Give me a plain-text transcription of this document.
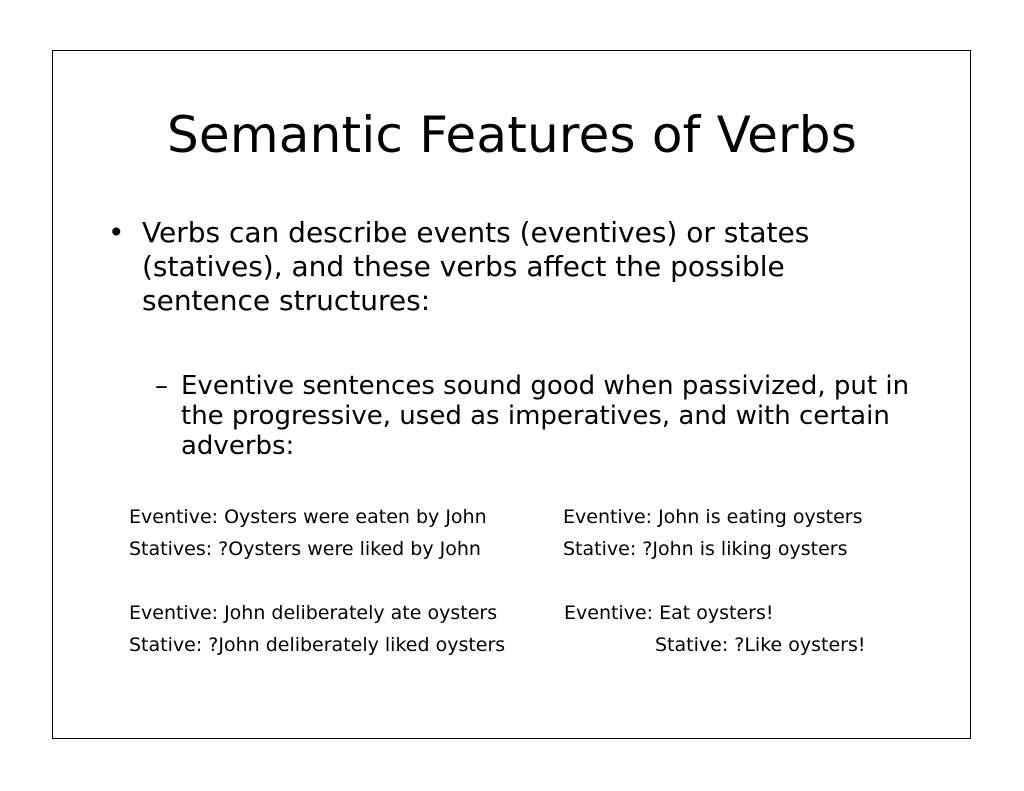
Semantic Features of Verbs
• Verbs can describe events (eventives) or states (statives), and these verbs affect the possible sentence structures:
– Eventive sentences sound good when passivized, put in the progressive, used as imperatives, and with certain adverbs:
Eventive: Oysters were eaten by John	Eventive: John is eating oysters
Statives: ?Oysters were liked by John	Stative: ?John is liking oysters
Eventive: John deliberately ate oysters	Eventive: Eat oysters!
Stative: ?John deliberately liked oysters	Stative: ?Like oysters!
